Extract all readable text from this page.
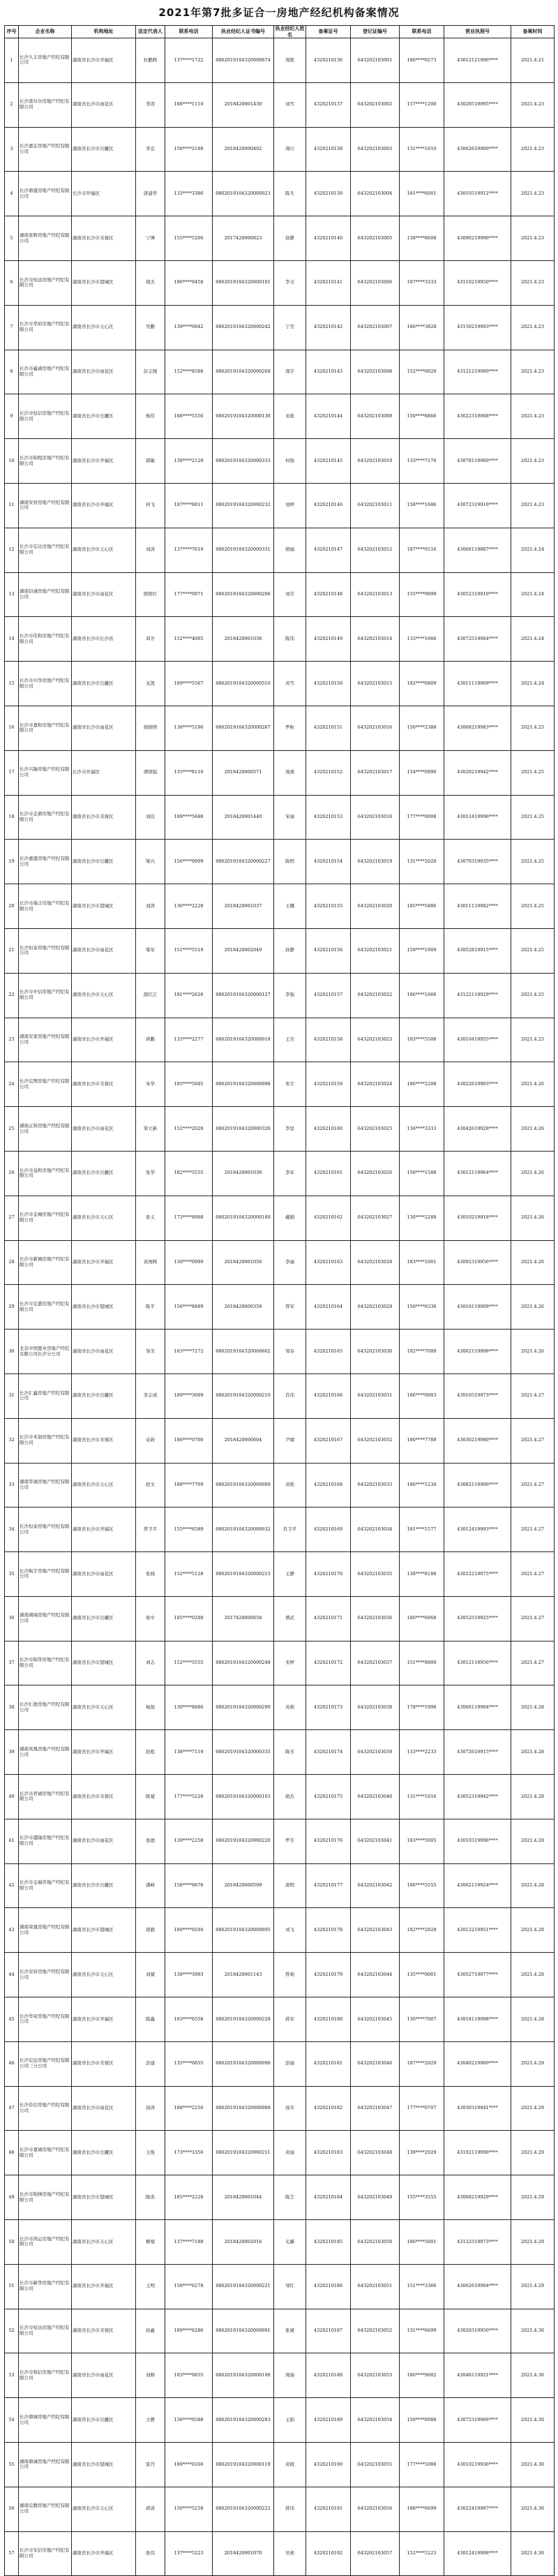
2021年第7批多证合一房地产经纪机构备案情况
序号	企业名称	机构地址	法定代表人	联系电话	执业经纪人证书编号	执业经纪人姓名	备案证号	登记证编号	联系电话	营业执照号	备案时间
1	长沙久丰房地产经纪有限公司	湖南省长沙市开福区	杜鹏辉	137****1722	0862019104320000674	周艳	4320210136	643202103001	186****0273	43012121996****	2021.4.21
2	长沙诺贝尔房地产经纪有限公司	湖南省长沙市雨花区	李涛	188****1110	2018420001430	刘雪	4320210137	643202103002	157****1200	43020519995****	2021.4.23
3	长沙嘉宏房地产经纪有限公司	湖南省长沙市岳麓区	李宏	158****2188	2018420000402	周巧	4320210138	643202103003	131****1010	43062619900****	2021.4.23
4	长沙鼎盛房地产经纪有限公司	长沙市开福区	唐建华	133****3386	0862019104320000023	陈凡	4320210139	643202103004	181****6001	43010519912****	2021.4.23
5	湖南星辉房地产经纪有限公司	湖南省长沙市芙蓉区	宁博	155****5206	2017420000823	徐静	4320210140	643202103005	138****8608	43090219990****	2021.4.23
6	长沙市恒远房地产经纪有限公司	湖南省长沙市望城区	胡杰	186****9458	0862019104320000101	李文	4320210141	643202103006	187****3333	43110219950****	2021.4.23
7	长沙市华府房地产经纪有限公司	湖南省长沙市天心区	吴鹏	139****0842	0862019104320000242	宁昊	4320210142	643202103007	186****3828	43150219993****	2021.4.23
8	长沙市鑫诚房地产经纪有限公司	湖南省长沙市雨花区	彭志刚	152****8588	0862019104320000268	周宇	4320210143	643202103008	152****0020	43121219900****	2021.4.23
9	长沙市恒信房地产经纪有限公司	湖南省长沙市岳麓区	杨佳	188****5556	0862019104320000138	龙艳	4320210144	643202103009	150****8866	43022319908****	2021.4.23
10	长沙市锦程房地产经纪有限公司	湖南省长沙市开福区	郭敏	138****2129	0862019104320000333	何俊	4320210145	643202103010	133****7170	43078119960****	2021.4.23
11	湖南安居房地产经纪有限公司	湖南省长沙市开福区	何飞	187****8811	0862019104320000232	刘婷	4320210146	643202103011	158****1686	43072319910****	2021.4.23
12	长沙市宏达房地产经纪有限公司	湖南省长沙市天心区	刘涛	137****7619	0862019104320000331	胡丽	4320210147	643202103012	187****0116	43068119887****	2021.4.24
13	湖南信诚房地产经纪有限公司	湖南省长沙市雨花区	欧阳红	177****0971	0862019104320000206	刘芳	4320210148	643202103013	155****9999	43052319910****	2021.4.24
14	长沙市佳和房地产经纪有限公司	湖南省长沙市长沙县	邓芳	152****4005	2018420001038	陈伟	4320210149	643202103014	133****1666	43072519904****	2021.4.24
15	长沙市兴华房地产经纪有限公司	湖南省长沙市岳麓区	龙凯	189****5567	0862019104320000516	黄雪	4320210150	643202103015	182****0809	43011119909****	2021.4.24
16	长沙市嘉和房地产经纪有限公司	湖南省长沙市雨花区	胡晓明	138****5190	0862019104320000267	罗彬	4320210151	643202103016	150****2388	43068219983****	2021.4.25
17	长沙兴隆房地产经纪有限公司	长沙市开福区	谭国强	135****8110	2018420000571	周燕	4320210152	643202103017	134****0990	43020219942****	2021.4.25
18	长沙市金鼎房地产经纪有限公司	湖南省长沙市芙蓉区	刘佳	189****5688	2018420001440	宋丽	4320210153	643202103018	177****0008	43012419996****	2021.4.25
19	长沙嘉盛房地产经纪有限公司	湖南省长沙市岳麓区	梁兴	156****9999	0862019104320000227	陈明	4320210154	643202103019	131****2020	43070319935****	2021.4.25
20	长沙市瑞丰房地产经纪有限公司	湖南省长沙市望城区	刘涛	136****2228	2018420001037	王娜	4320210155	643202103020	185****5886	43011119982****	2021.4.25
21	长沙恒泰房地产经纪有限公司	湖南省长沙市雨花区	梁军	151****5519	2018420002049	孙静	4320210156	643202103021	159****1909	43052819915****	2021.4.25
22	长沙市中信房地产经纪有限公司	湖南省长沙市天心区	邵红江	181****2626	0862019104320000127	李强	4320210157	643202103022	186****1666	43122119929****	2021.4.25
23	湖南安家房地产经纪有限公司	湖南省长沙市开福区	蒋鹏	133****2277	0862019104320000018	王芳	4320210158	643202103023	183****5508	43010419955****	2021.4.25
24	长沙宏图房地产经纪有限公司	湖南省长沙市芙蓉区	朱华	185****5605	0862019104320000098	朱宇	4320210159	643202103024	186****2208	43022619903****	2021.4.26
25	湖南正和房地产经纪有限公司	湖南省长沙市雨花区	邹立新	152****2028	0862019104320000326	李坚	4320210160	643202103025	136****3333	43042619928****	2021.4.26
26	长沙市益和房地产经纪有限公司	湖南省长沙市岳麓区	张华	182****5555	2018420001030	李军	4320210161	643202103026	150****1588	43012119964****	2021.4.26
27	长沙市金城房地产经纪有限公司	湖南省长沙市天心区	张义	173****8998	0862019104320000160	戴刚	4320210162	643202103027	136****2288	43010219918****	2021.4.26
28	长沙市新城房地产经纪有限公司	湖南省长沙市开福区	黄国辉	130****0999	2018420001056	李丽	4320210163	643202103028	183****1001	43092319956****	2021.4.26
29	长沙市宏盛房地产经纪有限公司	湖南省长沙市望城区	陈平	156****8889	2018420000359	曾军	4320210164	643202103029	150****6336	43018119909****	2021.4.26
30	北京中国置业房地产经纪有限公司长沙分公司	湖南省长沙市雨花区	邹美	183****7272	0862019104320000602	邹春	4320210165	643202103030	182****7000	43062119998****	2021.4.26
31	长沙汇鑫房地产经纪有限公司	湖南省长沙市岳麓区	李志成	189****3009	0862019104320000210	肖伟	4320210166	643202103031	186****0003	43010519973****	2021.4.27
32	长沙市禾润房地产经纪有限公司	湖南省长沙市芙蓉区	袁莉	186****0700	2018420000604	尹斌	4320210167	643202103032	180****7789	43030219980****	2021.4.27
33	湖南华诚房地产经纪有限公司	湖南省长沙市天心区	段文	188****7709	0862019104320000009	黄艳	4320210168	643202103033	186****1234	43082119906****	2021.4.27
34	长沙恒泰房地产经纪有限公司	湖南省长沙市开福区	曾卫平	155****6589	0862019104320000032	肖卫平	4320210169	643202103034	181****1577	43012419993****	2021.4.27
35	长沙航宇房地产经纪有限公司	湖南省长沙市雨花区	张晓	152****5128	0862019104320000215	王静	4320210170	643202103035	138****8188	43022219975****	2021.4.27
36	湖南湘瑞房地产经纪有限公司	湖南省长沙市岳麓区	张中	185****0288	2017420000658	谭武	4320210171	643202103036	180****6968	43052519925****	2021.4.27
37	长沙市锦华房地产经纪有限公司	湖南省长沙市望城区	刘志	152****5555	0862019104320000248	宋婷	4320210172	643202103037	151****8800	43012119956****	2021.4.27
38	长沙汇德房地产经纪有限公司	湖南省长沙市天心区	杨磊	130****8886	0862019104320000290	黄莉	4320210173	643202103038	178****1998	43068119994****	2021.4.28
39	湖南凤凰房地产经纪有限公司	湖南省长沙市开福区	段彪	138****7119	0862019104320000335	陈芳	4320210174	643202103039	133****2233	43072619915****	2021.4.28
40	长沙市君诚房地产经纪有限公司	湖南省长沙市芙蓉区	陈斌	177****5228	0862019104320000103	胡杰	4320210175	643202103040	131****1616	43052319942****	2021.4.28
41	长沙市盛隆房地产经纪有限公司	湖南省长沙市雨花区	张德	139****2258	0862019104320000220	罗芳	4320210176	643202103041	183****5005	43010319996****	2021.4.28
42	长沙市金瑞房地产经纪有限公司	湖南省长沙市岳麓区	潘峰	158****8876	2018420000599	唐明	4320210177	643202103042	186****5555	43062119924****	2021.4.28
43	湖南荣晟房地产经纪有限公司	湖南省长沙市望城区	唐毅	189****9294	0862019104320000095	刘飞	4320210178	643202103043	182****2828	43012219951****	2021.4.28
44	长沙安居房地产经纪有限公司	湖南省长沙市天心区	刘斌	138****3993	2018420001143	曾莉	4320210179	643202103044	135****0001	43052719977****	2021.4.28
45	长沙华荣房地产经纪有限公司	湖南省长沙市开福区	陈鑫	183****6558	0862019104320000228	蒋军	4320210180	643202103045	136****7007	43018119998****	2021.4.28
46	长沙宏远房地产经纪有限公司三分公司	湖南省长沙市芙蓉区	彭建	135****0655	0862019104320000098	彭丽	4320210181	643202103046	187****2029	43040219960****	2021.4.29
47	长沙佳信房地产经纪有限公司	湖南省长沙市雨花区	汤涛	188****2250	0862019104320000088	汤芳	4320210182	643202103047	177****0707	43030319941****	2021.4.29
48	长沙市嘉诚房地产经纪有限公司	湖南省长沙市岳麓区	王俊	173****3356	0862019104320000211	黄丽	4320210183	643202103048	139****2929	43102119990****	2021.4.29
49	长沙市锦绣房地产经纪有限公司	湖南省长沙市望城区	陈浩	185****2228	2018420001044	陈芝	4320210184	643202103049	155****3555	43068219929****	2021.4.29
50	长沙市鸿运房地产经纪有限公司	湖南省长沙市天心区	柳斌	137****7188	2018420002016	毛璐	4320210185	643202103050	186****5001	43122519973****	2021.4.29
51	长沙市新华房地产经纪有限公司	湖南省长沙市开福区	王明	158****6278	0862019104320000221	邹红	4320210186	643202103051	151****3366	43062619994****	2021.4.29
52	长沙市恒达房地产经纪有限公司	湖南省长沙市芙蓉区	孙鑫	189****6286	0862019104320000091	张斌	4320210187	643202103052	131****6699	43020319950****	2021.4.30
53	长沙市和信房地产经纪有限公司	湖南省长沙市雨花区	刘辉	183****9855	0862019104320000190	周丽	4320210188	643202103053	186****9002	43048119921****	2021.4.30
54	长沙鼎城房地产经纪有限公司	湖南省长沙市岳麓区	王静	136****0588	0862019104320000283	王娟	4320210189	643202103054	150****0088	43072319966****	2021.4.30
55	湖南鼎诚房地产经纪有限公司	湖南省长沙市望城区	雷丹	189****0166	0862019104320000119	黄晓	4320210190	643202103055	177****5088	43010219936****	2021.4.30
56	湖南宏腾房地产经纪有限公司	湖南省长沙市天心区	蒋涛	150****5258	0862019104320000222	蒋伟	4320210191	643202103056	188****6699	43022419997****	2021.4.30
57	长沙市安信房地产经纪有限公司	湖南省长沙市开福区	张伟	137****5223	2018420001070	吴莉	4320210192	643202103057	152****5223	43012419998****	2021.4.30
